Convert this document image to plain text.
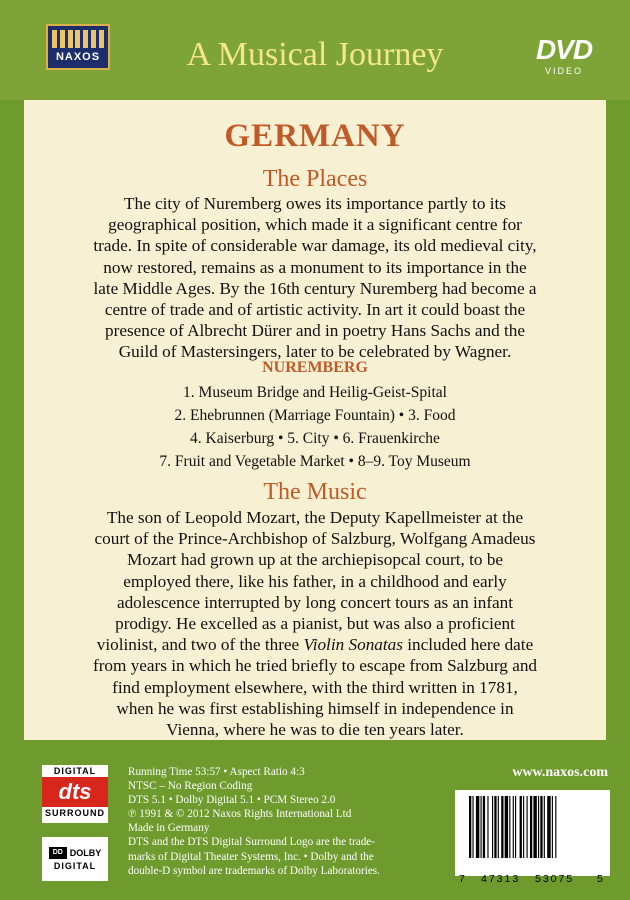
NAXOS	A Musical Journey	DVD
VIDEO
GERMANY
The Places
The city of Nuremberg owes its importance partly to its
geographical position, which made it a significant centre for
trade. In spite of considerable war damage, its old medieval city,
now restored, remains as a monument to its importance in the
late Middle Ages. By the 16th century Nuremberg had become a
centre of trade and of artistic activity. In art it could boast the
presence of Albrecht Dürer and in poetry Hans Sachs and the
Guild of Mastersingers, later to be celebrated by Wagner.
NUREMBERG
1. Museum Bridge and Heilig-Geist-Spital
2. Ehebrunnen (Marriage Fountain) • 3. Food
4. Kaiserburg • 5. City • 6. Frauenkirche
7. Fruit and Vegetable Market • 8–9. Toy Museum
The Music
The son of Leopold Mozart, the Deputy Kapellmeister at the
court of the Prince-Archbishop of Salzburg, Wolfgang Amadeus
Mozart had grown up at the archiepisopcal court, to be
employed there, like his father, in a childhood and early
adolescence interrupted by long concert tours as an infant
prodigy. He excelled as a pianist, but was also a proficient
violinist, and two of the three Violin Sonatas included here date
from years in which he tried briefly to escape from Salzburg and
find employment elsewhere, with the third written in 1781,
when he was first establishing himself in independence in
Vienna, where he was to die ten years later.
DIGITAL
dts
SURROUND
DD DOLBY
DIGITAL
Running Time 53:57 • Aspect Ratio 4:3
NTSC – No Region Coding
DTS 5.1 • Dolby Digital 5.1 • PCM Stereo 2.0
℗ 1991 & © 2012 Naxos Rights International Ltd
Made in Germany
DTS and the DTS Digital Surround Logo are the trade-
marks of Digital Theater Systems, Inc. • Dolby and the
double-D symbol are trademarks of Dolby Laboratories.
www.naxos.com
7 47313 53075 5
